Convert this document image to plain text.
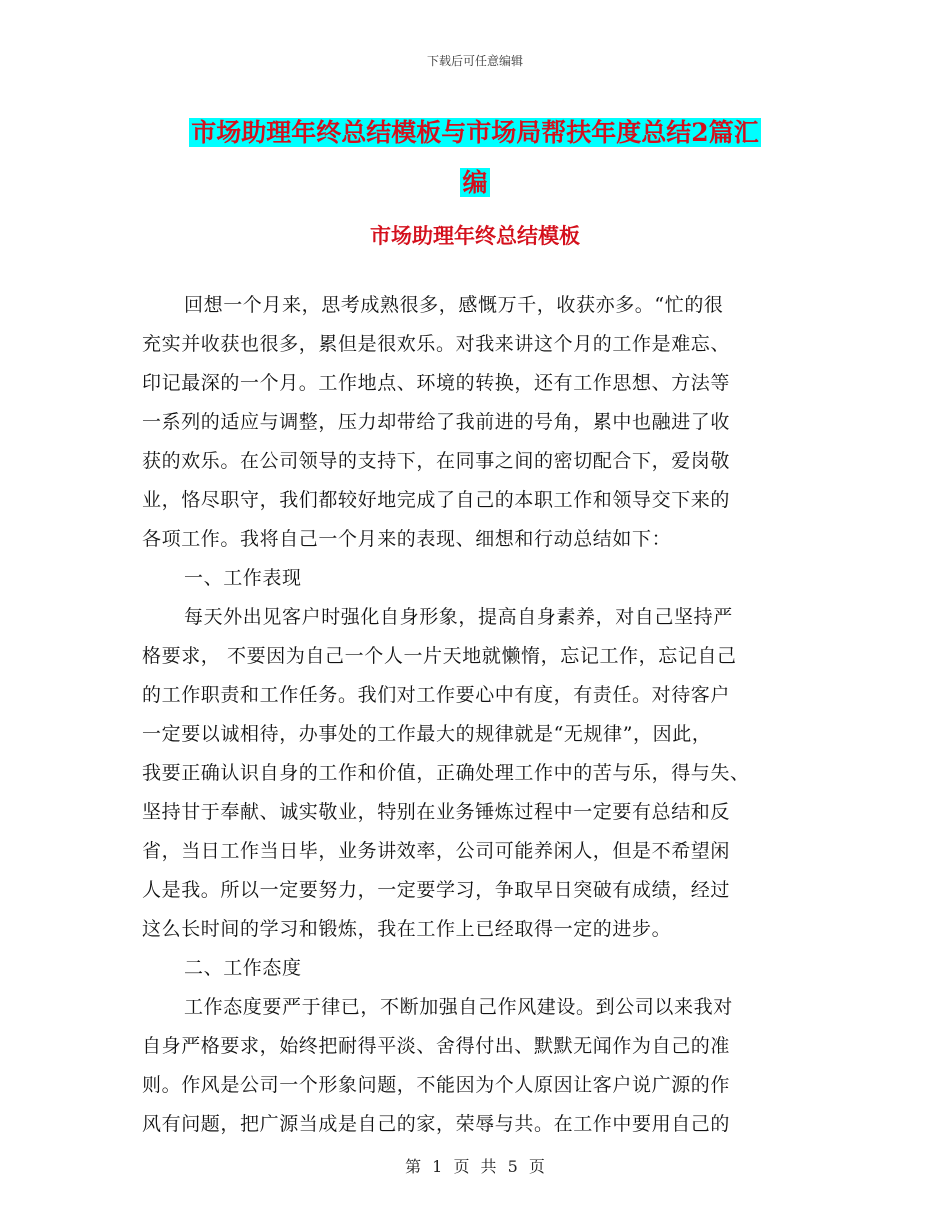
下载后可任意编辑
市场助理年终总结模板与市场局帮扶年度总结2篇汇
编
市场助理年终总结模板
回想一个月来，思考成熟很多，感慨万千，收获亦多。“忙的很
充实并收获也很多，累但是很欢乐。对我来讲这个月的工作是难忘、
印记最深的一个月。工作地点、环境的转换，还有工作思想、方法等
一系列的适应与调整，压力却带给了我前进的号角，累中也融进了收
获的欢乐。在公司领导的支持下，在同事之间的密切配合下，爱岗敬
业，恪尽职守，我们都较好地完成了自己的本职工作和领导交下来的
各项工作。我将自己一个月来的表现、细想和行动总结如下：
一、工作表现
每天外出见客户时强化自身形象，提高自身素养，对自己坚持严
格要求， 不要因为自己一个人一片天地就懒惰，忘记工作，忘记自己
的工作职责和工作任务。我们对工作要心中有度，有责任。对待客户
一定要以诚相待，办事处的工作最大的规律就是“无规律”，因此，
我要正确认识自身的工作和价值，正确处理工作中的苦与乐，得与失、
坚持甘于奉献、诚实敬业，特别在业务锤炼过程中一定要有总结和反
省，当日工作当日毕，业务讲效率，公司可能养闲人，但是不希望闲
人是我。所以一定要努力，一定要学习，争取早日突破有成绩，经过
这么长时间的学习和锻炼，我在工作上已经取得一定的进步。
二、工作态度
工作态度要严于律已，不断加强自己作风建设。到公司以来我对
自身严格要求，始终把耐得平淡、舍得付出、默默无闻作为自己的准
则。作风是公司一个形象问题，不能因为个人原因让客户说广源的作
风有问题，把广源当成是自己的家，荣辱与共。在工作中要用自己的
第 1 页 共 5 页
